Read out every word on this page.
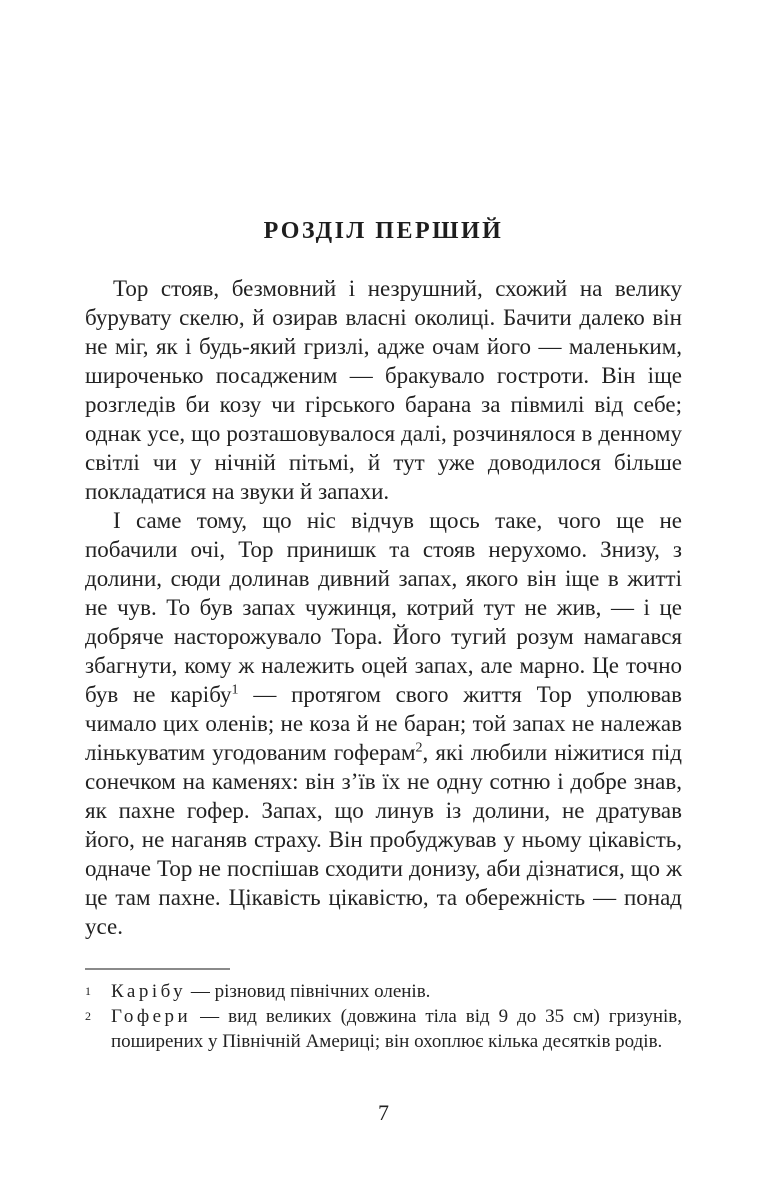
РОЗДІЛ ПЕРШИЙ

Тор стояв, безмовний і незрушний, схожий на велику бурувату скелю, й озирав власні околиці. Бачити далеко він не міг, як і будь-який гризлі, адже очам його — маленьким, широченько посадженим — бракувало гостроти. Він іще розгледів би козу чи гірського барана за півмилі від себе; однак усе, що розташовувалося далі, розчинялося в денному світлі чи у нічній пітьмі, й тут уже доводилося більше покладатися на звуки й запахи.

І саме тому, що ніс відчув щось таке, чого ще не побачили очі, Тор принишк та стояв нерухомо. Знизу, з долини, сюди долинав дивний запах, якого він іще в житті не чув. То був запах чужинця, котрий тут не жив, — і це добряче насторожувало Тора. Його тугий розум намагався збагнути, кому ж належить оцей запах, але марно. Це точно був не карібу$^1$ — протягом свого життя Тор уполював чимало цих оленів; не коза й не баран; той запах не належав лінькуватим угодованим гоферам$^2$, які любили ніжитися під сонечком на каменях: він з’їв їх не одну сотню і добре знав, як пахне гофер. Запах, що линув із долини, не дратував його, не наганяв страху. Він пробуджував у ньому цікавість, одначе Тор не поспішав сходити донизу, аби дізнатися, що ж це там пахне. Цікавість цікавістю, та обережність — понад усе.

1	Карібу — різновид північних оленів.
2	Гофери — вид великих (довжина тіла від 9 до 35 см) гризунів, поширених у Північній Америці; він охоплює кілька десятків родів.
7
